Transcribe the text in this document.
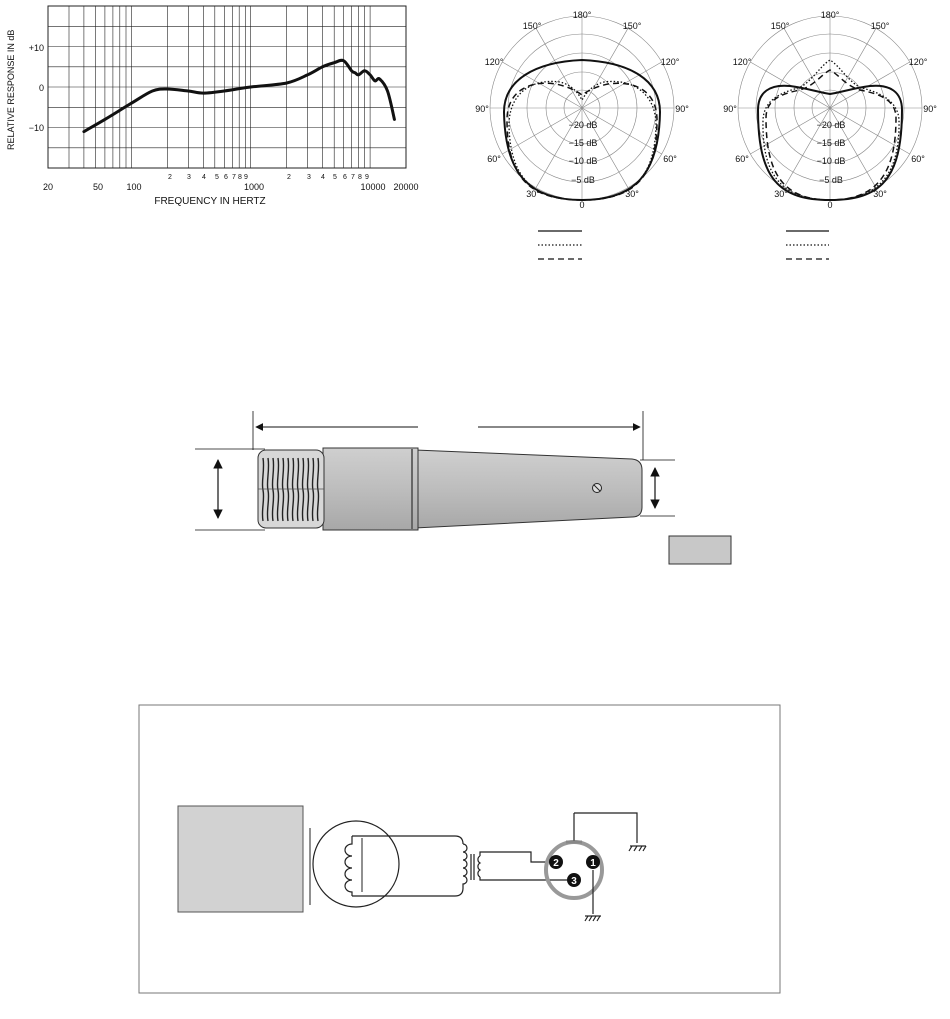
+10
0
−10
RELATIVE RESPONSE IN dB
20	50	100
2 3 4 5 6 7 8 9
1000
2 3 4 5 6 7 8 9
10000 20000
FREQUENCY IN HERTZ
180°
150°	150°
120°	120°
90°	90°
60°	60°
30°	30°
0
−20 dB
−15 dB
−10 dB
−5 dB
180°
150°	150°
120°	120°
90°	90°
60°	60°
30°	30°
0
−20 dB
−15 dB
−10 dB
−5 dB
2
3
1
